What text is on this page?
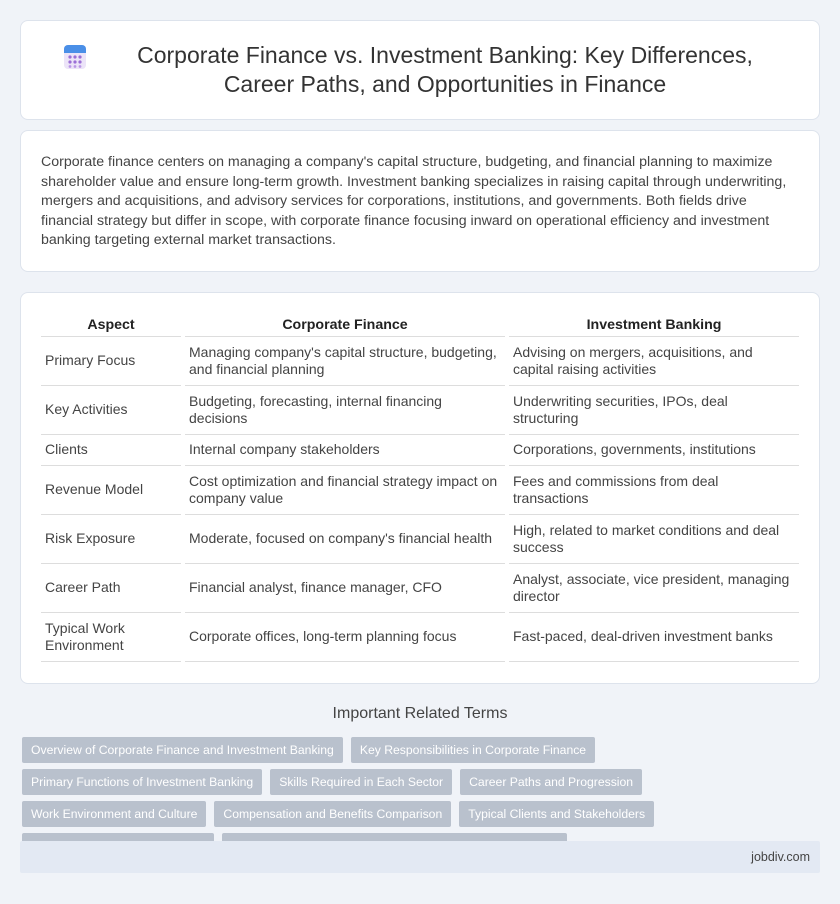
Corporate Finance vs. Investment Banking: Key Differences, Career Paths, and Opportunities in Finance

Corporate finance centers on managing a company's capital structure, budgeting, and financial planning to maximize shareholder value and ensure long-term growth. Investment banking specializes in raising capital through underwriting, mergers and acquisitions, and advisory services for corporations, institutions, and governments. Both fields drive financial strategy but differ in scope, with corporate finance focusing inward on operational efficiency and investment banking targeting external market transactions.

Aspect	Corporate Finance	Investment Banking
Primary Focus	Managing company's capital structure, budgeting, and financial planning	Advising on mergers, acquisitions, and capital raising activities
Key Activities	Budgeting, forecasting, internal financing decisions	Underwriting securities, IPOs, deal structuring
Clients	Internal company stakeholders	Corporations, governments, institutions
Revenue Model	Cost optimization and financial strategy impact on company value	Fees and commissions from deal transactions
Risk Exposure	Moderate, focused on company's financial health	High, related to market conditions and deal success
Career Path	Financial analyst, finance manager, CFO	Analyst, associate, vice president, managing director
Typical Work Environment	Corporate offices, long-term planning focus	Fast-paced, deal-driven investment banks
Important Related Terms
Overview of Corporate Finance and Investment Banking	Key Responsibilities in Corporate Finance
Primary Functions of Investment Banking	Skills Required in Each Sector	Career Paths and Progression
Work Environment and Culture	Compensation and Benefits Comparison	Typical Clients and Stakeholders
jobdiv.com
